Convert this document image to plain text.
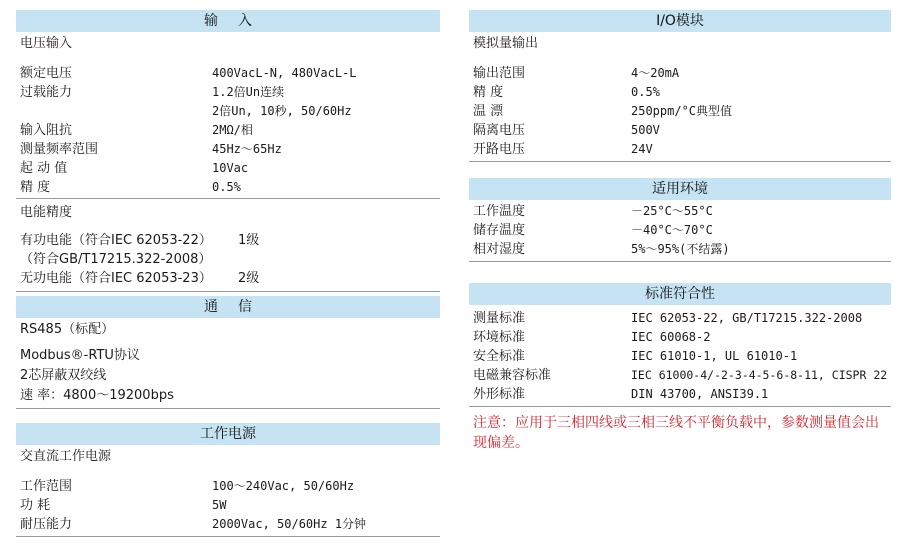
输入
电压输入
额定电压	400VacL-N, 480VacL-L
过载能力	1.2倍Un连续
2倍Un, 10秒, 50/60Hz
输入阻抗	2MΩ/相
测量频率范围	45Hz～65Hz
起 动 值	10Vac
精 度	0.5%
电能精度
有功电能（符合IEC 62053-22） 1级
（符合GB/T17215.322-2008）
无功电能（符合IEC 62053-23） 2级
通信
RS485（标配）
Modbus®-RTU协议
2芯屏蔽双绞线
速 率：4800～19200bps
工作电源
交直流工作电源
工作范围	100～240Vac, 50/60Hz
功 耗	5W
耐压能力	2000Vac, 50/60Hz 1分钟
I/O模块
模拟量输出
输出范围	4～20mA
精 度	0.5%
温 漂	250ppm/°C典型值
隔离电压	500V
开路电压	24V
适用环境
工作温度	－25°C～55°C
储存温度	－40°C～70°C
相对湿度	5%～95%(不结露)
标准符合性
测量标准	IEC 62053-22, GB/T17215.322-2008
环境标准	IEC 60068-2
安全标准	IEC 61010-1, UL 61010-1
电磁兼容标准	IEC 61000-4/-2-3-4-5-6-8-11, CISPR 22
外形标准	DIN 43700, ANSI39.1
注意：应用于三相四线或三相三线不平衡负载中，参数测量值会出现偏差。
